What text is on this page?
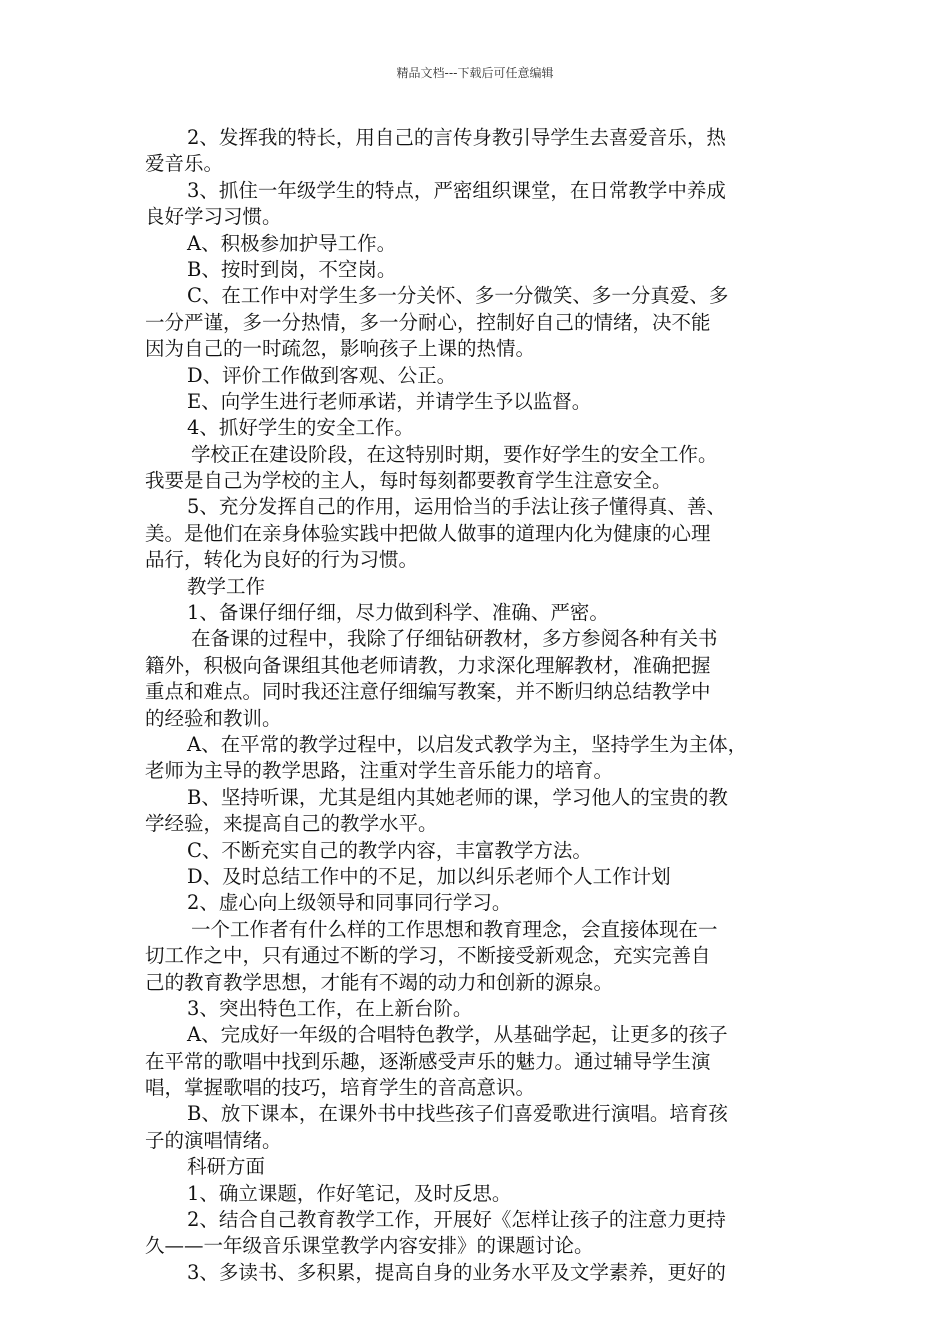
精品文档---下载后可任意编辑
2、发挥我的特长，用自己的言传身教引导学生去喜爱音乐，热
爱音乐。
3、抓住一年级学生的特点，严密组织课堂，在日常教学中养成
良好学习习惯。
A、积极参加护导工作。
B、按时到岗，不空岗。
C、在工作中对学生多一分关怀、多一分微笑、多一分真爱、多
一分严谨，多一分热情，多一分耐心，控制好自己的情绪，决不能
因为自己的一时疏忽，影响孩子上课的热情。
D、评价工作做到客观、公正。
E、向学生进行老师承诺，并请学生予以监督。
4、抓好学生的安全工作。
学校正在建设阶段，在这特别时期，要作好学生的安全工作。
我要是自己为学校的主人，每时每刻都要教育学生注意安全。
5、充分发挥自己的作用，运用恰当的手法让孩子懂得真、善、
美。是他们在亲身体验实践中把做人做事的道理内化为健康的心理
品行，转化为良好的行为习惯。
教学工作
1、备课仔细仔细，尽力做到科学、准确、严密。
在备课的过程中，我除了仔细钻研教材，多方参阅各种有关书
籍外，积极向备课组其他老师请教，力求深化理解教材，准确把握
重点和难点。同时我还注意仔细编写教案，并不断归纳总结教学中
的经验和教训。
A、在平常的教学过程中，以启发式教学为主，坚持学生为主体，
老师为主导的教学思路，注重对学生音乐能力的培育。
B、坚持听课，尤其是组内其她老师的课，学习他人的宝贵的教
学经验，来提高自己的教学水平。
C、不断充实自己的教学内容，丰富教学方法。
D、及时总结工作中的不足，加以纠乐老师个人工作计划
2、虚心向上级领导和同事同行学习。
一个工作者有什么样的工作思想和教育理念，会直接体现在一
切工作之中，只有通过不断的学习，不断接受新观念，充实完善自
己的教育教学思想，才能有不竭的动力和创新的源泉。
3、突出特色工作，在上新台阶。
A、完成好一年级的合唱特色教学，从基础学起，让更多的孩子
在平常的歌唱中找到乐趣，逐渐感受声乐的魅力。通过辅导学生演
唱，掌握歌唱的技巧，培育学生的音高意识。
B、放下课本，在课外书中找些孩子们喜爱歌进行演唱。培育孩
子的演唱情绪。
科研方面
1、确立课题，作好笔记，及时反思。
2、结合自己教育教学工作，开展好《怎样让孩子的注意力更持
久——一年级音乐课堂教学内容安排》的课题讨论。
3、多读书、多积累，提高自身的业务水平及文学素养，更好的
